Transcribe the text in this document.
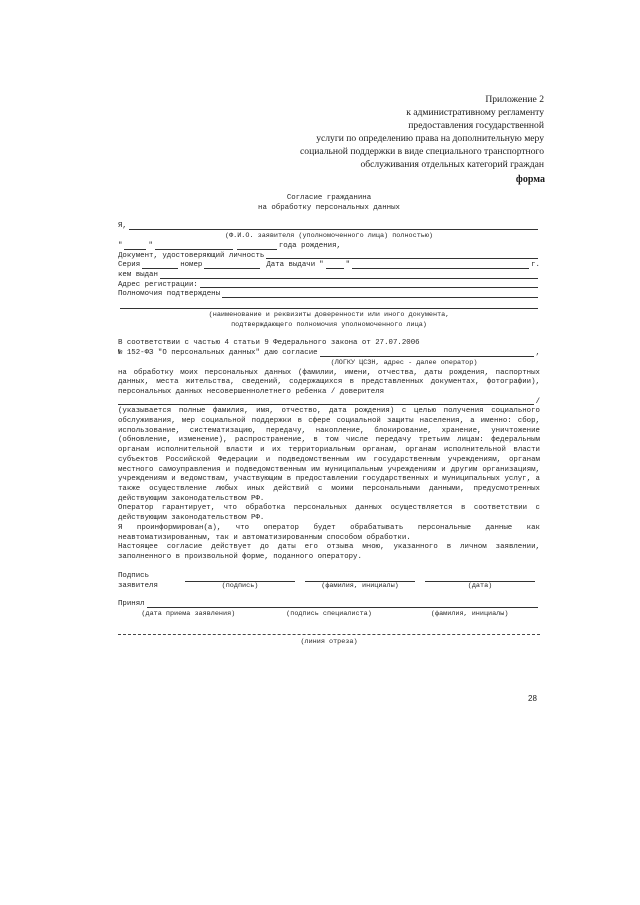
Приложение 2
к административному регламенту
предоставления государственной
услуги по определению права на дополнительную меру
социальной поддержки в виде специального транспортного
обслуживания отдельных категорий граждан
форма
Согласие гражданина
на обработку персональных данных
Я,
(Ф.И.О. заявителя (уполномоченного лица) полностью)
"	"	года рождения,
Документ, удостоверяющий личность
Серия	номер	Дата выдачи "	"	г.
кем выдан
Адрес регистрации:
Полномочия подтверждены
(наименование и реквизиты доверенности или иного документа,
подтверждающего полномочия уполномоченного лица)
В соответствии с частью 4 статьи 9 Федерального закона от 27.07.2006
№ 152-ФЗ "О персональных данных" даю согласие	,
(ЛОГКУ ЦСЗН, адрес - далее оператор)
на обработку моих персональных данных (фамилии, имени, отчества, даты рождения, паспортных данных, места жительства, сведений, содержащихся в представленных документах, фотографии), персональных данных несовершеннолетнего ребенка / доверителя
/
(указывается полные фамилия, имя, отчество, дата рождения) с целью получения социального обслуживания, мер социальной поддержки в сфере социальной защиты населения, а именно: сбор, использование, систематизацию, передачу, накопление, блокирование, хранение, уничтожение (обновление, изменение), распространение, в том числе передачу третьим лицам: федеральным органам исполнительной власти и их территориальным органам, органам исполнительной власти субъектов Российской Федерации и подведомственным им государственным учреждениям, органам местного самоуправления и подведомственным им муниципальным учреждениям и другим организациям, учреждениям и ведомствам, участвующим в предоставлении государственных и муниципальных услуг, а также осуществление любых иных действий с моими персональными данными, предусмотренных действующим законодательством РФ.
Оператор гарантирует, что обработка персональных данных осуществляется в соответствии с действующим законодательством РФ.
Я проинформирован(а), что оператор будет обрабатывать персональные данные как неавтоматизированным, так и автоматизированным способом обработки.
Настоящее согласие действует до даты его отзыва мною, указанного в личном заявлении, заполненного в произвольной форме, поданного оператору.
Подпись заявителя	(подпись)	(фамилия, инициалы)	(дата)
Принял
(дата приема заявления)	(подпись специалиста)	(фамилия, инициалы)
(линия отреза)
28
